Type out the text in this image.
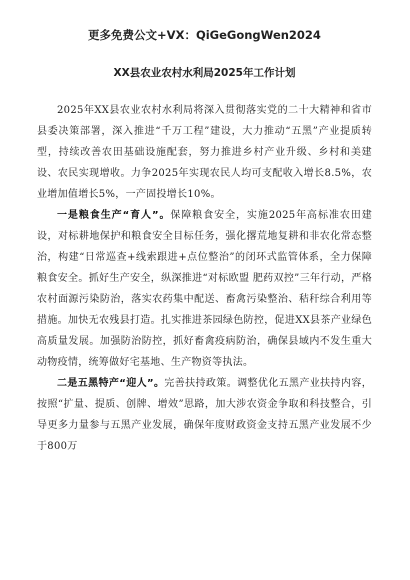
更多免费公文+VX：QiGeGongWen2024
XX县农业农村水利局2025年工作计划

2025年XX县农业农村水利局将深入贯彻落实党的二十大精神和省市县委决策部署，深入推进“千万工程”建设，大力推动“五黑”产业提质转型，持续改善农田基础设施配套，努力推进乡村产业升级、乡村和美建设、农民实现增收。力争2025年实现农民人均可支配收入增长8.5%，农业增加值增长5%，一产固投增长10%。

一是粮食生产“育人”。保障粮食安全，实施2025年高标准农田建设，对标耕地保护和粮食安全目标任务，强化撂荒地复耕和非农化常态整治，构建“日常巡查+线索跟进+点位整治”的闭环式监管体系，全力保障粮食安全。抓好生产安全，纵深推进“对标欧盟 肥药双控”三年行动，严格农村面源污染防治，落实农药集中配送、畜禽污染整治、秸秆综合利用等措施。加快无农残县打造。扎实推进茶园绿色防控，促进XX县茶产业绿色高质量发展。加强防治防控，抓好畜禽疫病防治，确保县域内不发生重大动物疫情，统筹做好宅基地、生产物资等执法。

二是五黑特产“迎人”。完善扶持政策。调整优化五黑产业扶持内容，按照“扩量、提质、创牌、增效”思路，加大涉农资金争取和科技整合，引导更多力量参与五黑产业发展，确保年度财政资金支持五黑产业发展不少于800万
